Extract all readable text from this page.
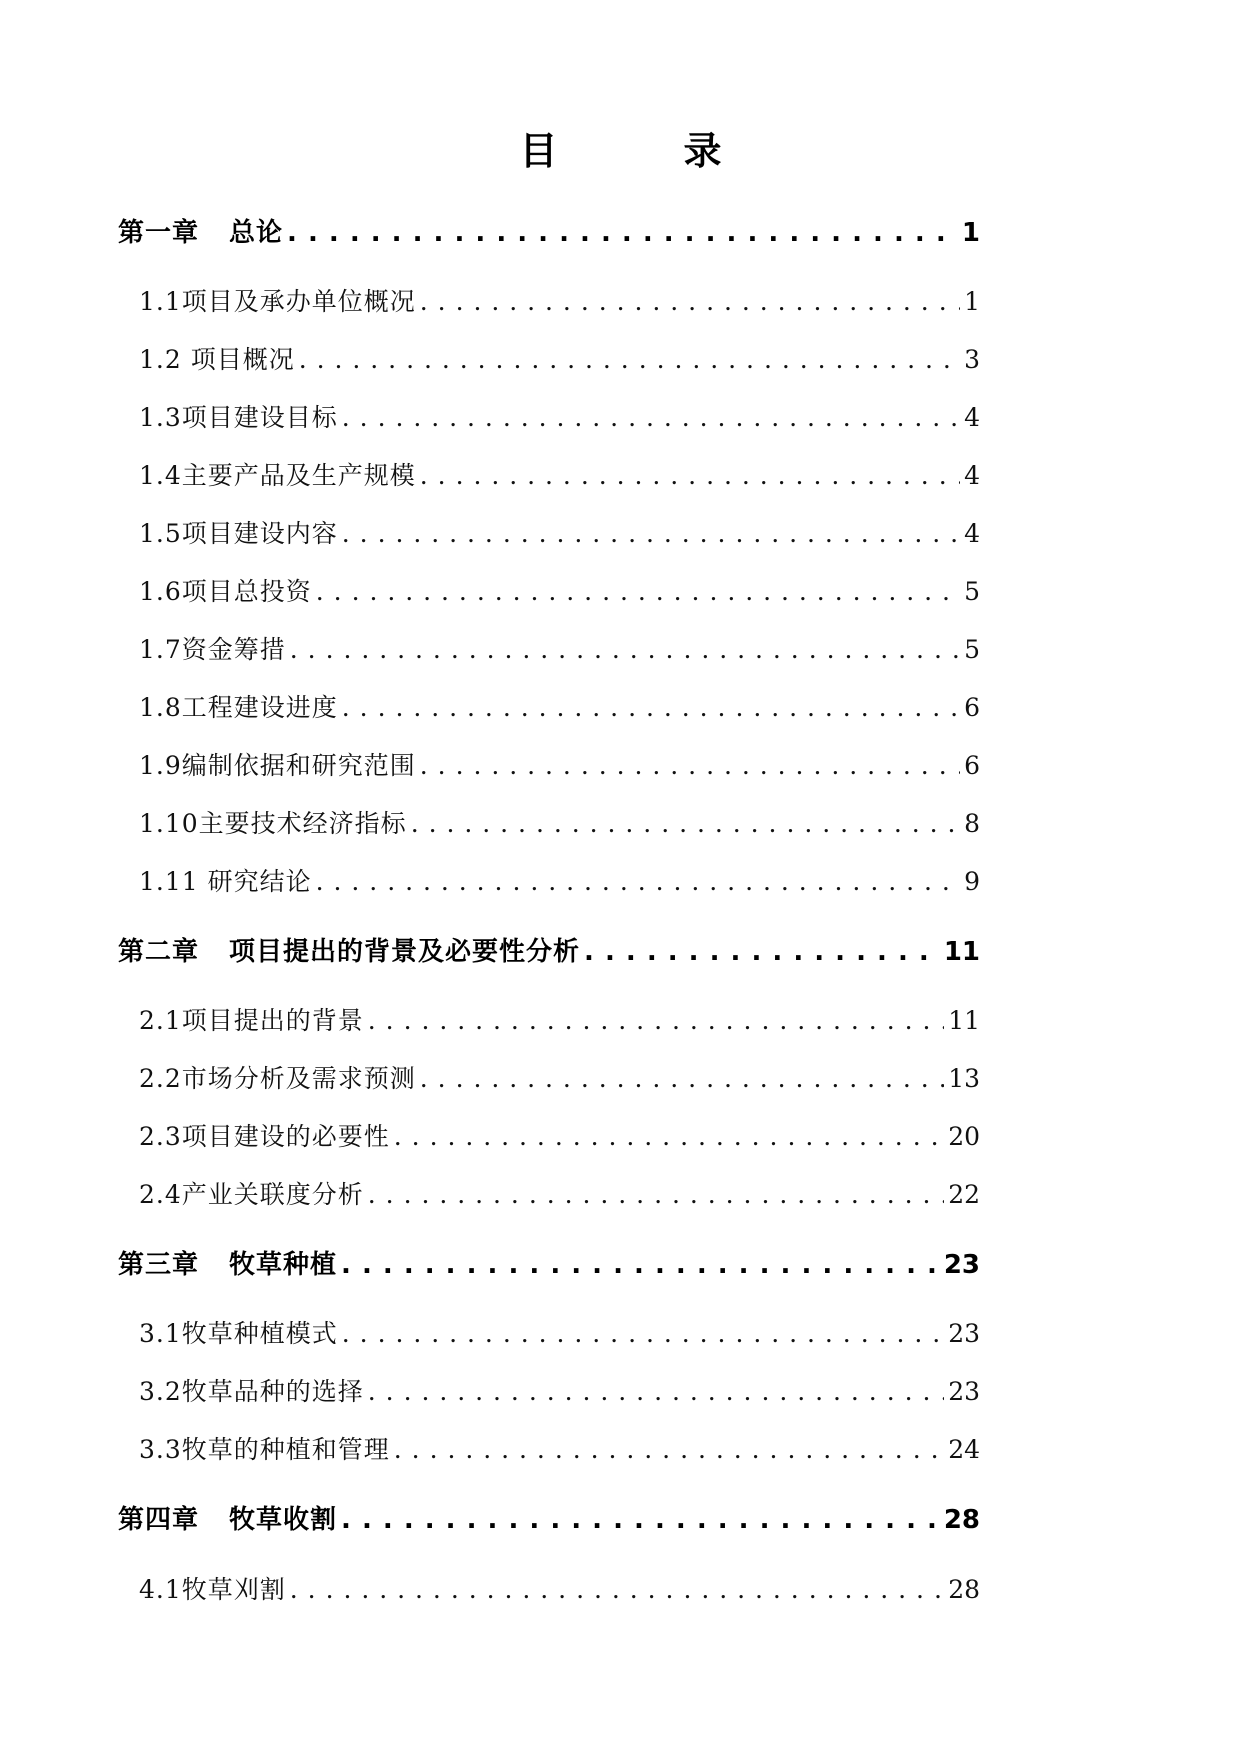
目　录
第一章 总论 . . .	1
1.1项目及承办单位概况 . . .	1
1.2 项目概况 . . .	3
1.3项目建设目标 . . .	4
1.4主要产品及生产规模 . . .	4
1.5项目建设内容 . . .	4
1.6项目总投资 . . .	5
1.7资金筹措 . . .	5
1.8工程建设进度 . . .	6
1.9编制依据和研究范围 . . .	6
1.10主要技术经济指标 . . .	8
1.11 研究结论 . . .	9
第二章 项目提出的背景及必要性分析 . . .	11
2.1项目提出的背景 . . .	11
2.2市场分析及需求预测 . . .	13
2.3项目建设的必要性 . . .	20
2.4产业关联度分析 . . .	22
第三章 牧草种植 . . .	23
3.1牧草种植模式 . . .	23
3.2牧草品种的选择 . . .	23
3.3牧草的种植和管理 . . .	24
第四章 牧草收割 . . .	28
4.1牧草刈割 . . .	28
